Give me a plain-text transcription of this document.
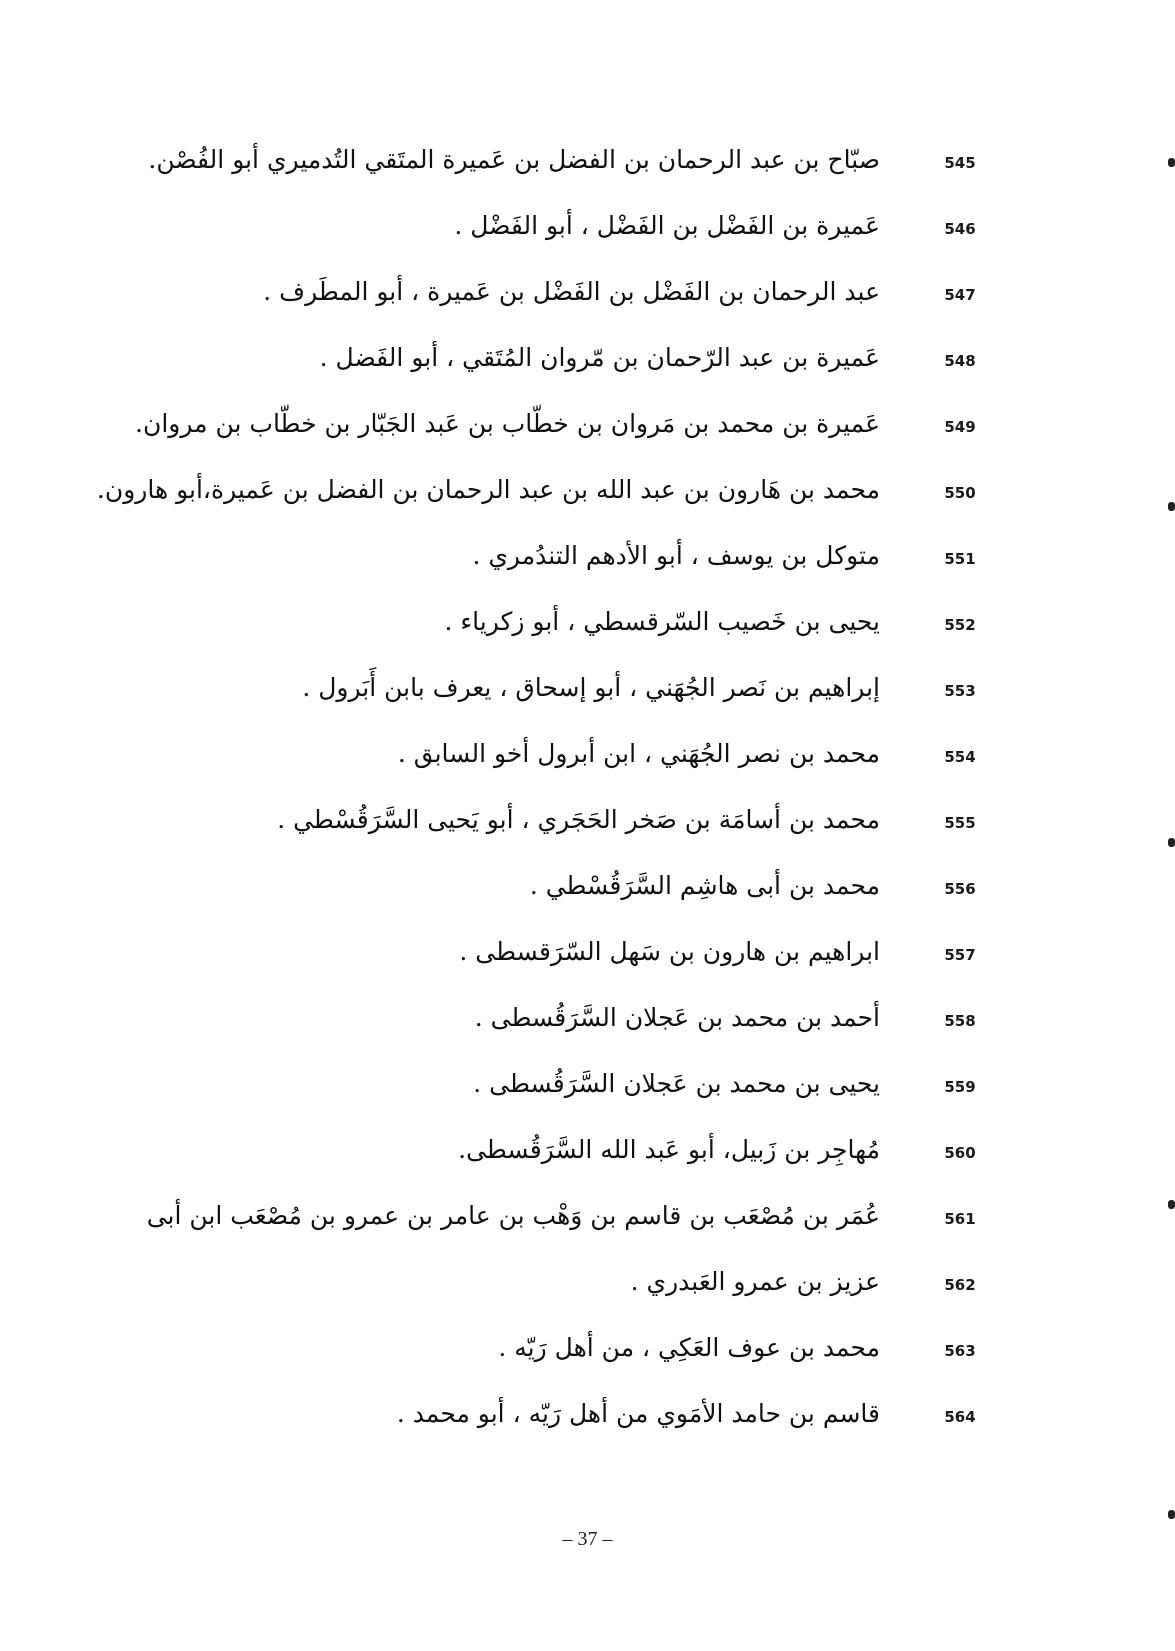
545
صبّاح بن عبد الرحمان بن الفضل بن عَميرة المتَقي التُدميري أبو الفُصْن.
546
عَميرة بن الفَضْل بن الفَضْل ، أبو الفَضْل .
547
عبد الرحمان بن الفَضْل بن الفَضْل بن عَميرة ، أبو المطَرف .
548
عَميرة بن عبد الرّحمان بن مّروان المُتَقي ، أبو الفَضل .
549
عَميرة بن محمد بن مَروان بن خطّاب بن عَبد الجَبّار بن خطّاب بن مروان.
550
محمد بن هَارون بن عبد الله بن عبد الرحمان بن الفضل بن عَميرة،أبو هارون.
551
متوكل بن يوسف ، أبو الأدهم التندُمري .
552
يحيى بن خَصيب السّرقسطي ، أبو زكرياء .
553
إبراهيم بن نَصر الجُهَني ، أبو إسحاق ، يعرف بابن أَبَرول .
554
محمد بن نصر الجُهَني ، ابن أبرول أخو السابق .
555
محمد بن أسامَة بن صَخر الحَجَري ، أبو يَحيى السَّرَقُسْطي .
556
محمد بن أبى هاشِم السَّرَقُسْطي .
557
ابراهيم بن هارون بن سَهل السّرَقسطى .
558
أحمد بن محمد بن عَجلان السَّرَقُسطى .
559
يحيى بن محمد بن عَجلان السَّرَقُسطى .
560
مُهاجِر بن زَبيل، أبو عَبد الله السَّرَقُسطى.
561
عُمَر بن مُصْعَب بن قاسم بن وَهْب بن عامر بن عمرو بن مُصْعَب ابن أبى
562
عزيز بن عمرو العَبدري .
563
محمد بن عوف العَكِي ، من أهل رَيّه .
564
قاسم بن حامد الأمَوي من أهل رَيّه ، أبو محمد .
– 37 –
